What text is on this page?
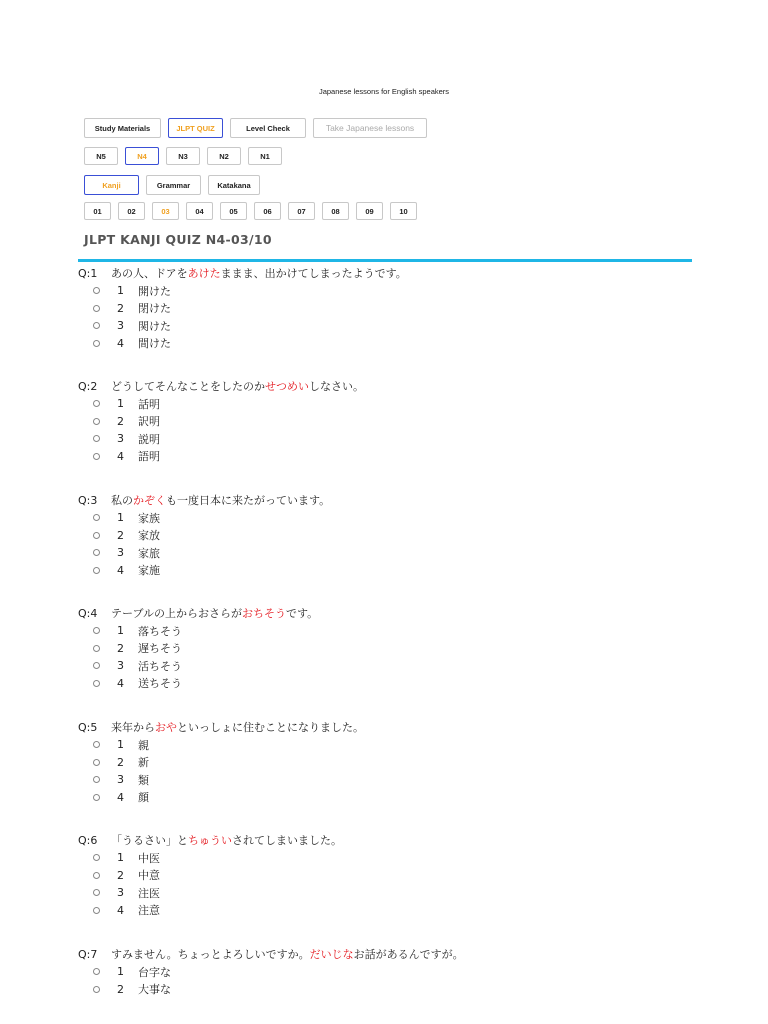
Japanese lessons for English speakers
Study Materials	JLPT QUIZ	Level Check	Take Japanese lessons
N5	N4	N3	N2	N1
Kanji	Grammar	Katakana
01	02	03	04	05	06	07	08	09	10
JLPT KANJI QUIZ N4-03/10
Q:1 あの人、ドアをあけたままま、出かけてしまったようです。
1	開けた
2	閉けた
3	関けた
4	間けた
Q:2 どうしてそんなことをしたのかせつめいしなさい。
1	話明
2	訳明
3	説明
4	語明
Q:3 私のかぞくも一度日本に来たがっています。
1	家族
2	家放
3	家旅
4	家施
Q:4 テーブルの上からおさらがおちそうです。
1	落ちそう
2	遅ちそう
3	活ちそう
4	送ちそう
Q:5 来年からおやといっしょに住むことになりました。
1	親
2	新
3	類
4	顔
Q:6 「うるさい」とちゅういされてしまいました。
1	中医
2	中意
3	注医
4	注意
Q:7 すみません。ちょっとよろしいですか。だいじなお話があるんですが。
1	台字な
2	大事な
